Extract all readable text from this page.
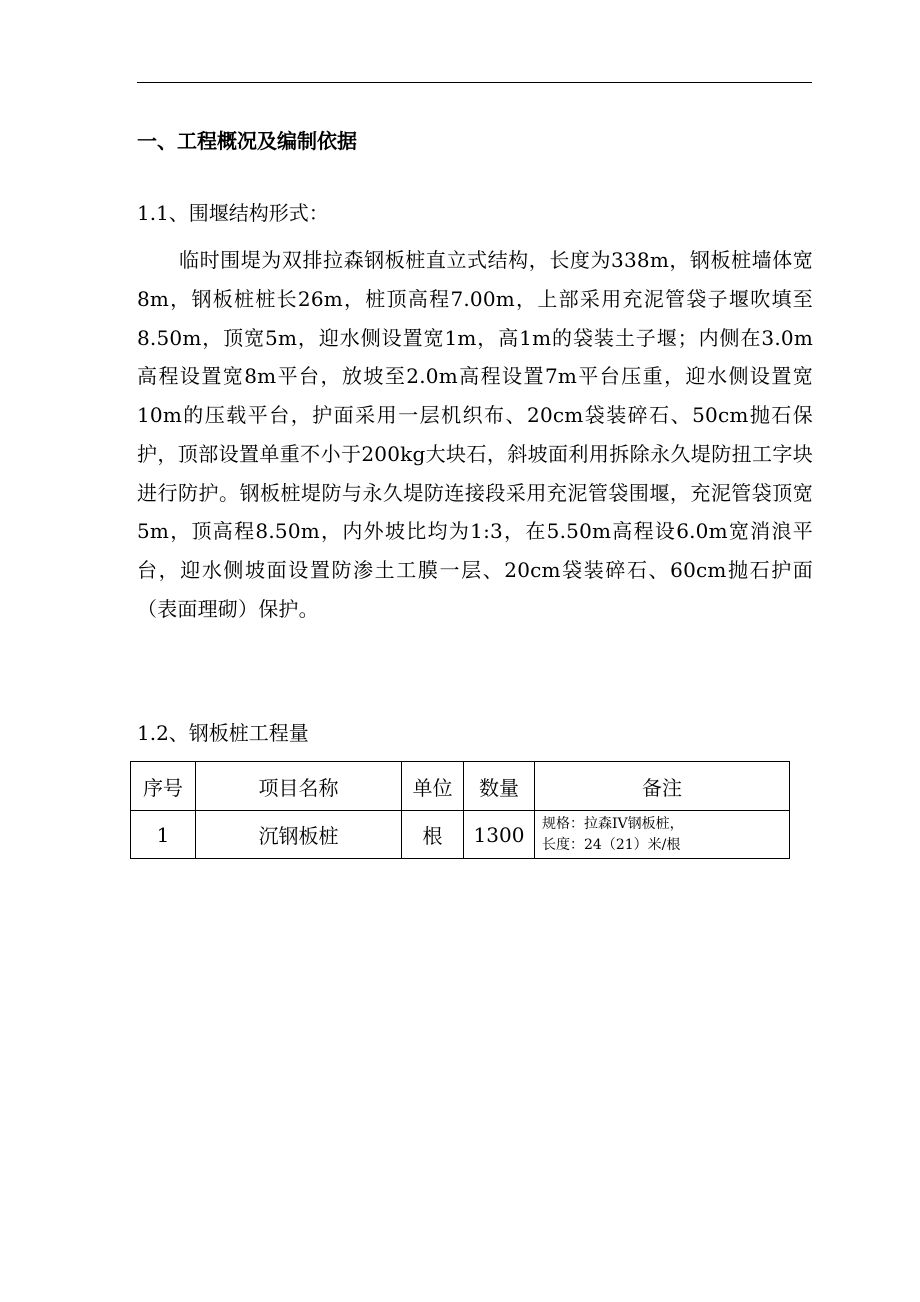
一、工程概况及编制依据
1.1、围堰结构形式：
临时围堤为双排拉森钢板桩直立式结构，长度为338m，钢板桩墙体宽8m，钢板桩桩长26m，桩顶高程7.00m，上部采用充泥管袋子堰吹填至8.50m，顶宽5m，迎水侧设置宽1m，高1m的袋装土子堰；内侧在3.0m高程设置宽8m平台，放坡至2.0m高程设置7m平台压重，迎水侧设置宽10m的压载平台，护面采用一层机织布、20cm袋装碎石、50cm抛石保护，顶部设置单重不小于200kg大块石，斜坡面利用拆除永久堤防扭工字块进行防护。钢板桩堤防与永久堤防连接段采用充泥管袋围堰，充泥管袋顶宽5m，顶高程8.50m，内外坡比均为1:3，在5.50m高程设6.0m宽消浪平台，迎水侧坡面设置防渗土工膜一层、20cm袋装碎石、60cm抛石护面（表面理砌）保护。
1.2、钢板桩工程量
序号	项目名称	单位	数量	备注
1	沉钢板桩	根	1300	规格：拉森IV钢板桩，
长度：24（21）米/根
